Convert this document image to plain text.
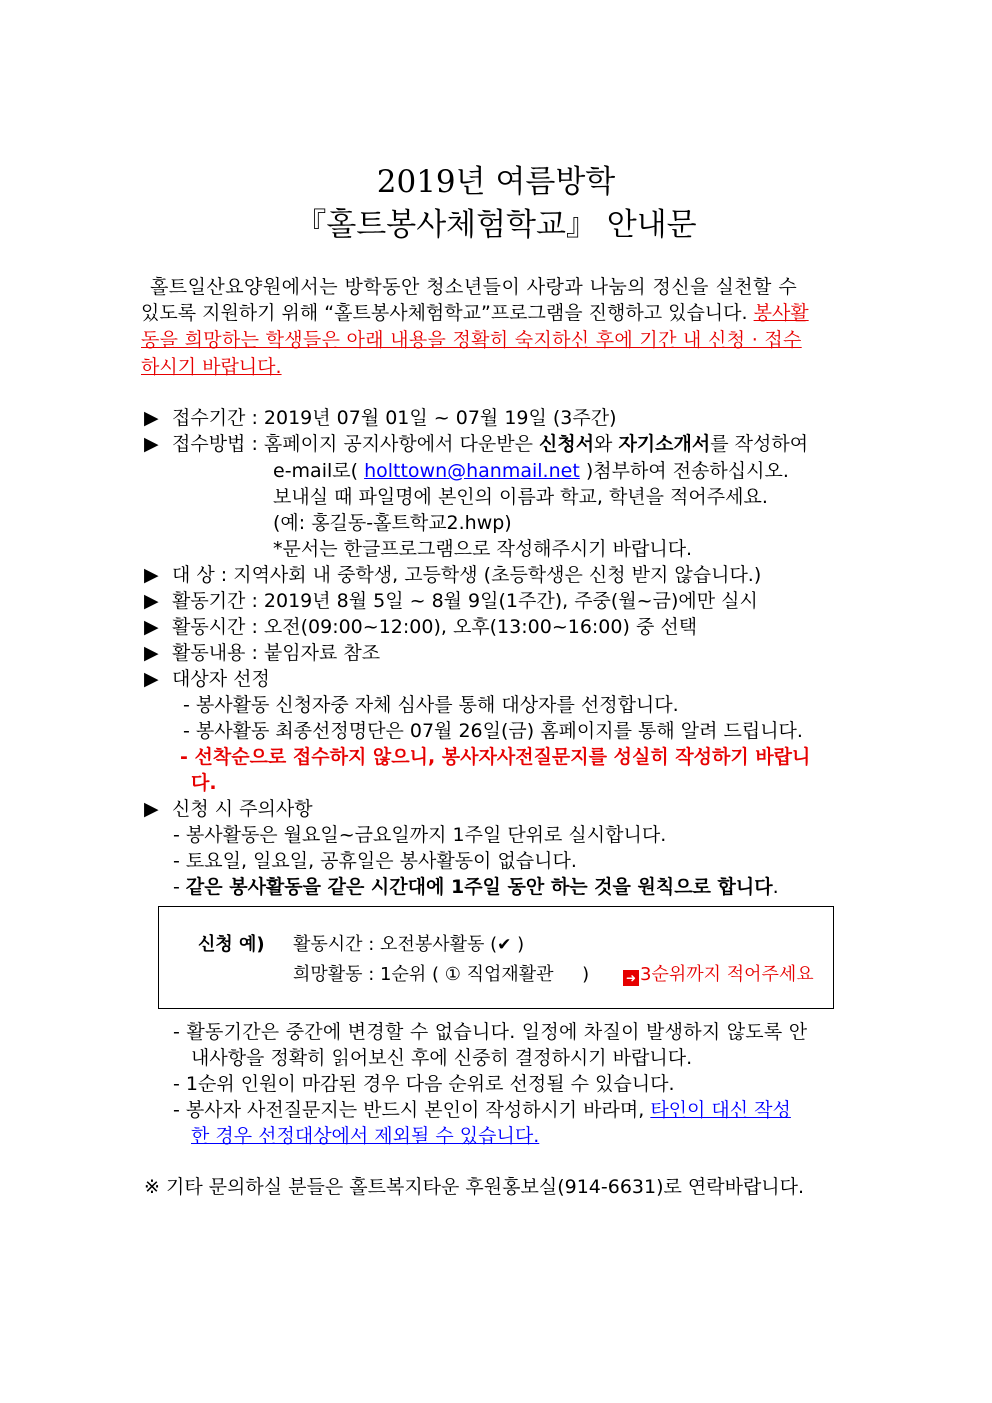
2019년 여름방학
『홀트봉사체험학교』 안내문
홀트일산요양원에서는 방학동안 청소년들이 사랑과 나눔의 정신을 실천할 수
있도록 지원하기 위해 “홀트봉사체험학교”프로그램을 진행하고 있습니다. 봉사활
동을 희망하는 학생들은 아래 내용을 정확히 숙지하신 후에 기간 내 신청 · 접수
하시기 바랍니다.
▶ 접수기간 : 2019년 07월 01일 ~ 07월 19일 (3주간)
▶ 접수방법 : 홈페이지 공지사항에서 다운받은 신청서와 자기소개서를 작성하여
e-mail로( holttown@hanmail.net )첨부하여 전송하십시오.
보내실 때 파일명에 본인의 이름과 학교, 학년을 적어주세요.
(예: 홍길동-홀트학교2.hwp)
*문서는 한글프로그램으로 작성해주시기 바랍니다.
▶ 대 상 : 지역사회 내 중학생, 고등학생 (초등학생은 신청 받지 않습니다.)
▶ 활동기간 : 2019년 8월 5일 ~ 8월 9일(1주간), 주중(월~금)에만 실시
▶ 활동시간 : 오전(09:00~12:00), 오후(13:00~16:00) 중 선택
▶ 활동내용 : 붙임자료 참조
▶ 대상자 선정
- 봉사활동 신청자중 자체 심사를 통해 대상자를 선정합니다.
- 봉사활동 최종선정명단은 07월 26일(금) 홈페이지를 통해 알려 드립니다.
- 선착순으로 접수하지 않으니, 봉사자사전질문지를 성실히 작성하기 바랍니
다.
▶ 신청 시 주의사항
- 봉사활동은 월요일~금요일까지 1주일 단위로 실시합니다.
- 토요일, 일요일, 공휴일은 봉사활동이 없습니다.
- 같은 봉사활동을 같은 시간대에 1주일 동안 하는 것을 원칙으로 합니다.
신청 예) 활동시간 : 오전봉사활동 (✔ )
희망활동 : 1순위 ( ① 직업재활관     )	➜ 3순위까지 적어주세요
- 활동기간은 중간에 변경할 수 없습니다. 일정에 차질이 발생하지 않도록 안
내사항을 정확히 읽어보신 후에 신중히 결정하시기 바랍니다.
- 1순위 인원이 마감된 경우 다음 순위로 선정될 수 있습니다.
- 봉사자 사전질문지는 반드시 본인이 작성하시기 바라며, 타인이 대신 작성
한 경우 선정대상에서 제외될 수 있습니다.
※ 기타 문의하실 분들은 홀트복지타운 후원홍보실(914-6631)로 연락바랍니다.
